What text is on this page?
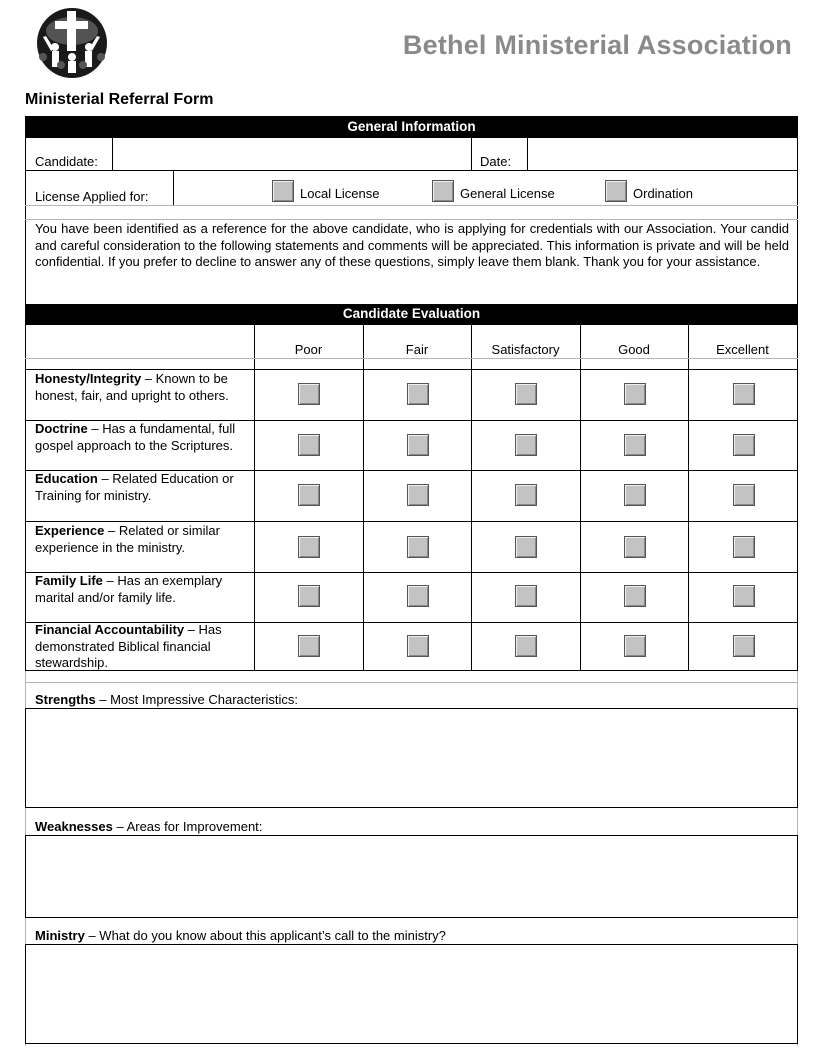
Bethel Ministerial Association
Ministerial Referral Form
General Information
Candidate:	Date:
License Applied for:	Local License	General License	Ordination
You have been identified as a reference for the above candidate, who is applying for credentials with our Association. Your candid and careful consideration to the following statements and comments will be appreciated. This information is private and will be held confidential. If you prefer to decline to answer any of these questions, simply leave them blank. Thank you for your assistance.
Candidate Evaluation
Poor	Fair	Satisfactory	Good	Excellent
Honesty/Integrity – Known to be honest, fair, and upright to others.
Doctrine – Has a fundamental, full gospel approach to the Scriptures.
Education – Related Education or Training for ministry.
Experience – Related or similar experience in the ministry.
Family Life – Has an exemplary marital and/or family life.
Financial Accountability – Has demonstrated Biblical financial stewardship.
Strengths – Most Impressive Characteristics:
Weaknesses – Areas for Improvement:
Ministry – What do you know about this applicant’s call to the ministry?
